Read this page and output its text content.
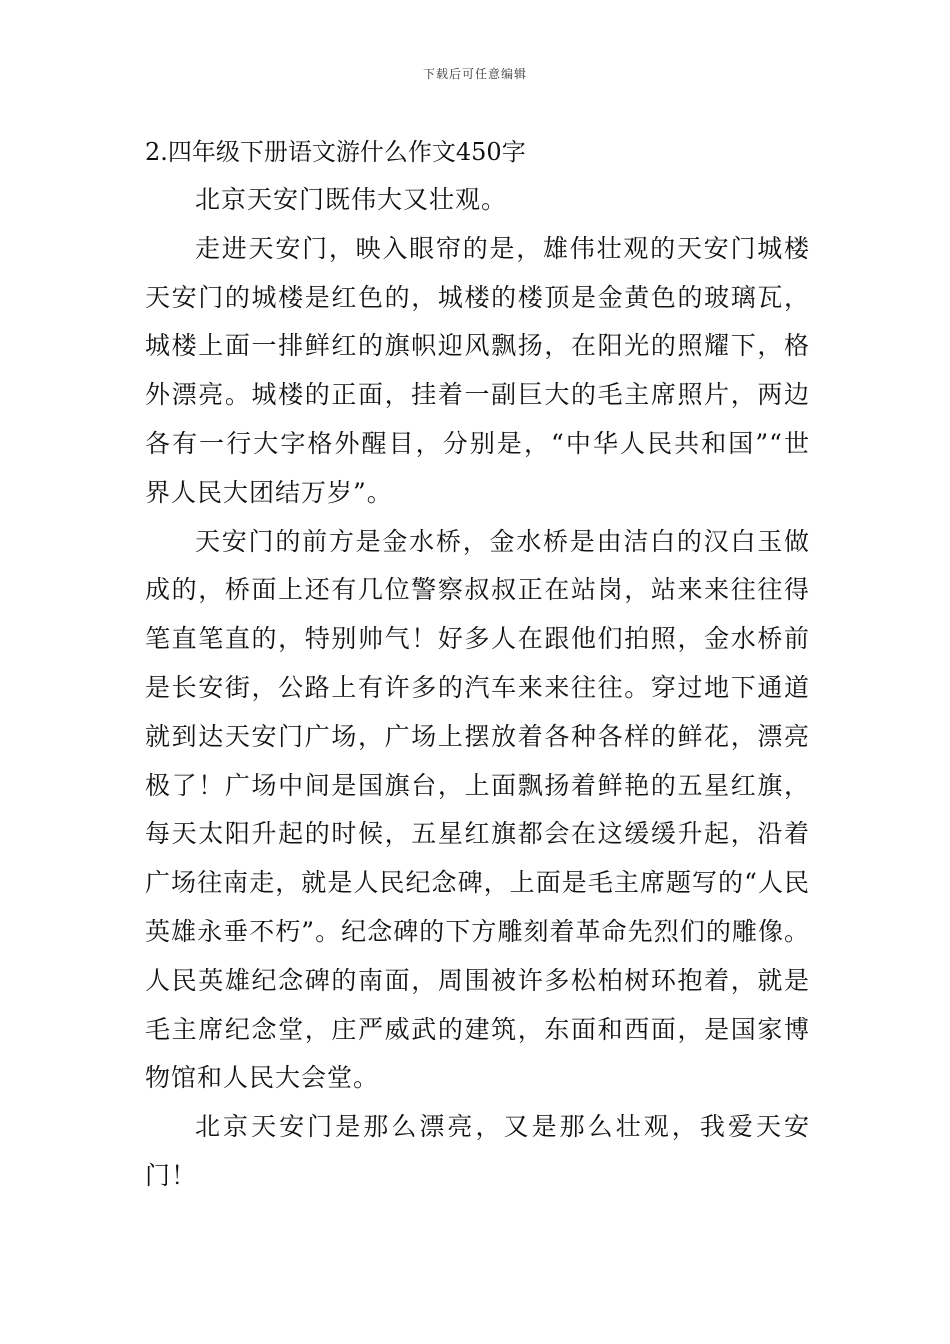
下载后可任意编辑
2.四年级下册语文游什么作文450字

北京天安门既伟大又壮观。

走进天安门，映入眼帘的是，雄伟壮观的天安门城楼天安门的城楼是红色的，城楼的楼顶是金黄色的玻璃瓦，城楼上面一排鲜红的旗帜迎风飘扬，在阳光的照耀下，格外漂亮。城楼的正面，挂着一副巨大的毛主席照片，两边各有一行大字格外醒目，分别是，“中华人民共和国”“世界人民大团结万岁”。

天安门的前方是金水桥，金水桥是由洁白的汉白玉做成的，桥面上还有几位警察叔叔正在站岗，站来来往往得笔直笔直的，特别帅气！好多人在跟他们拍照，金水桥前是长安街，公路上有许多的汽车来来往往。穿过地下通道就到达天安门广场，广场上摆放着各种各样的鲜花，漂亮极了！广场中间是国旗台，上面飘扬着鲜艳的五星红旗，每天太阳升起的时候，五星红旗都会在这缓缓升起，沿着广场往南走，就是人民纪念碑，上面是毛主席题写的“人民英雄永垂不朽”。纪念碑的下方雕刻着革命先烈们的雕像。人民英雄纪念碑的南面，周围被许多松柏树环抱着，就是毛主席纪念堂，庄严威武的建筑，东面和西面，是国家博物馆和人民大会堂。

北京天安门是那么漂亮，又是那么壮观，我爱天安门！
